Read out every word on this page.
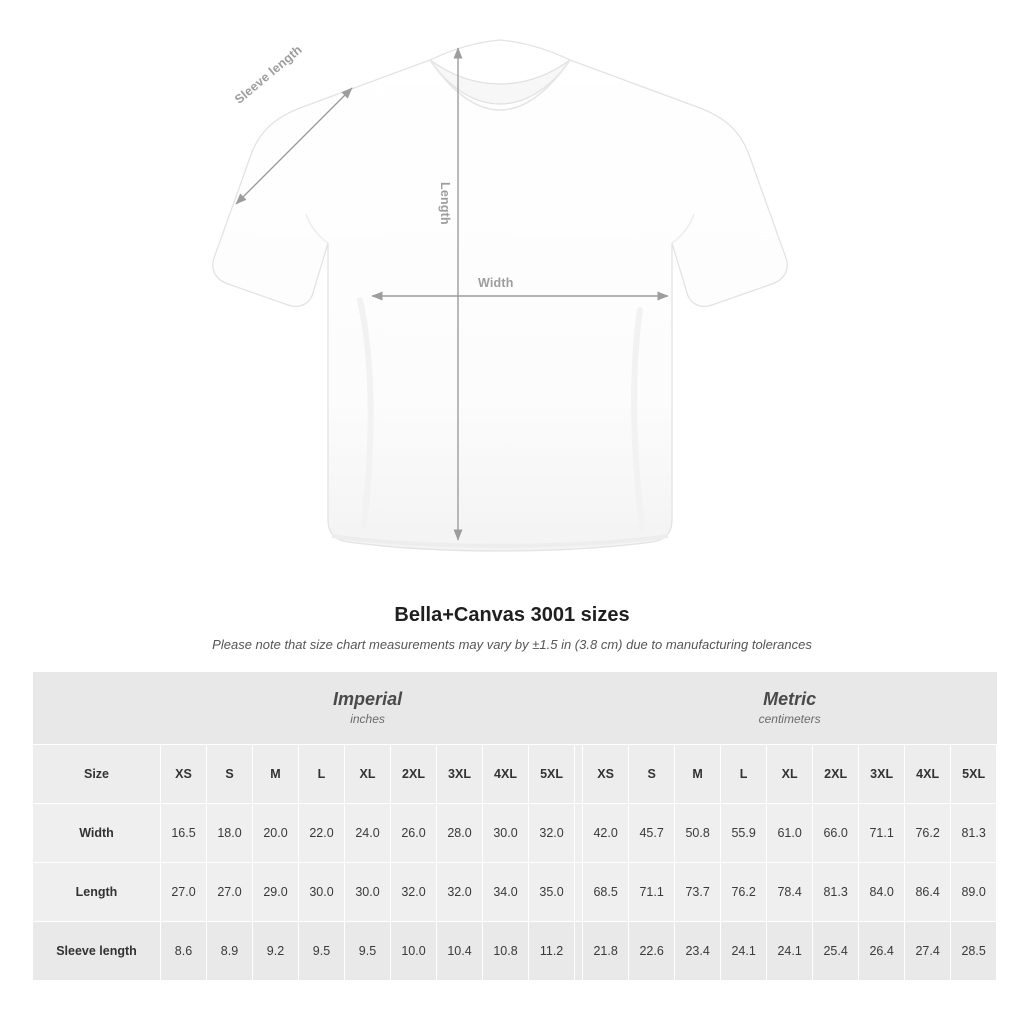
Sleeve length
Length
Width
Bella+Canvas 3001 sizes

Please note that size chart measurements may vary by ±1.5 in (3.8 cm) due to manufacturing tolerances

	Imperial
inches										Metric
centimeters								

Size	XS	S	M	L	XL	2XL	3XL	4XL	5XL		XS	S	M	L	XL	2XL	3XL	4XL	5XL
Width	16.5	18.0	20.0	22.0	24.0	26.0	28.0	30.0	32.0		42.0	45.7	50.8	55.9	61.0	66.0	71.1	76.2	81.3
Length	27.0	27.0	29.0	30.0	30.0	32.0	32.0	34.0	35.0		68.5	71.1	73.7	76.2	78.4	81.3	84.0	86.4	89.0
Sleeve length	8.6	8.9	9.2	9.5	9.5	10.0	10.4	10.8	11.2		21.8	22.6	23.4	24.1	24.1	25.4	26.4	27.4	28.5
